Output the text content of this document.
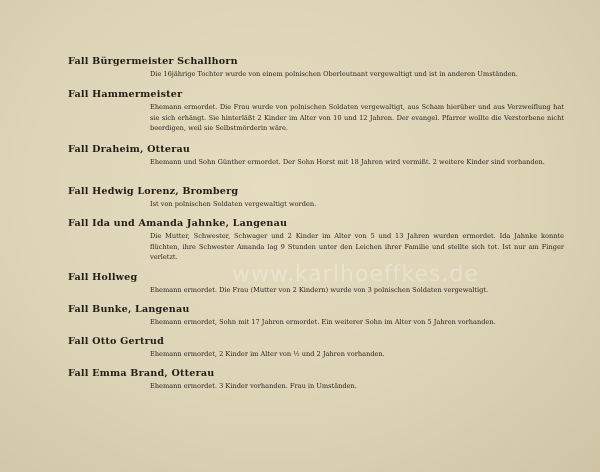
Fall Bürgermeister Schallhorn
Die 16jährige Tochter wurde von einem polnischen Oberleutnant vergewaltigt und ist in anderen Umständen.
Fall Hammermeister
Ehemann ermordet. Die Frau wurde von polnischen Soldaten vergewaltigt, aus Scham hierüber und aus Verzweiflung hat sie sich erhängt. Sie hinterläßt 2 Kinder im Alter von 10 und 12 Jahren. Der evangel. Pfarrer wollte die Verstorbene nicht beerdigen, weil sie Selbstmörderin wäre.
Fall Draheim, Otterau
Ehemann und Sohn Günther ermordet. Der Sohn Horst mit 18 Jahren wird vermißt. 2 weitere Kinder sind vorhanden.
Fall Hedwig Lorenz, Bromberg
Ist von polnischen Soldaten vergewaltigt worden.
Fall Ida und Amanda Jahnke, Langenau
Die Mutter, Schwester, Schwager und 2 Kinder im Alter von 5 und 13 Jahren wurden ermordet. Ida Jahnke konnte flüchten, ihre Schwester Amanda lag 9 Stunden unter den Leichen ihrer Familie und stellte sich tot. Ist nur am Finger verletzt.
Fall Hollweg
Ehemann ermordet. Die Frau (Mutter von 2 Kindern) wurde von 3 polnischen Soldaten vergewaltigt.
Fall Bunke, Langenau
Ehemann ermordet, Sohn mit 17 Jahren ermordet. Ein weiterer Sohn im Alter von 5 Jahren vorhanden.
Fall Otto Gertrud
Ehemann ermordet, 2 Kinder im Alter von ½ und 2 Jahren vorhanden.
Fall Emma Brand, Otterau
Ehemann ermordet. 3 Kinder vorhanden. Frau in Umständen.
www.karlhoeffkes.de
